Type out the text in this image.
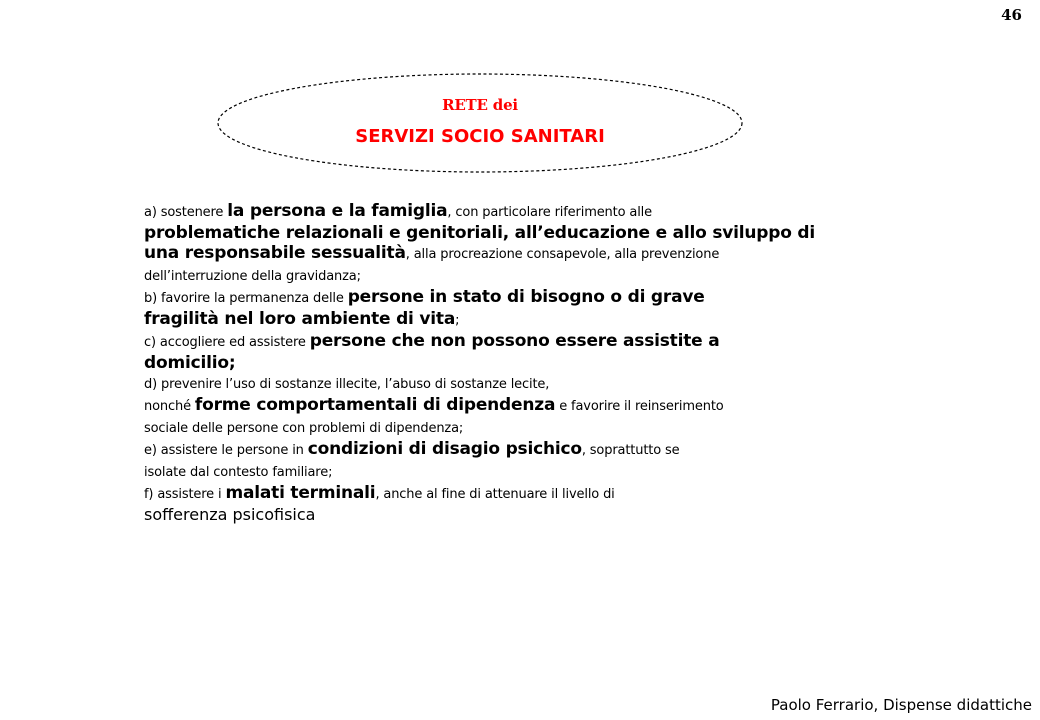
46
RETE dei
SERVIZI SOCIO SANITARI
a) sostenere la persona e la famiglia, con particolare riferimento alle
problematiche relazionali e genitoriali, all’educazione e allo sviluppo di
una responsabile sessualità, alla procreazione consapevole, alla prevenzione
dell’interruzione della gravidanza;
b) favorire la permanenza delle persone in stato di bisogno o di grave
fragilità nel loro ambiente di vita;
c) accogliere ed assistere persone che non possono essere assistite a
domicilio;
d) prevenire l’uso di sostanze illecite, l’abuso di sostanze lecite,
nonché forme comportamentali di dipendenza e favorire il reinserimento
sociale delle persone con problemi di dipendenza;
e) assistere le persone in condizioni di disagio psichico, soprattutto se
isolate dal contesto familiare;
f) assistere i malati terminali, anche al fine di attenuare il livello di
sofferenza psicofisica
Paolo Ferrario, Dispense didattiche
